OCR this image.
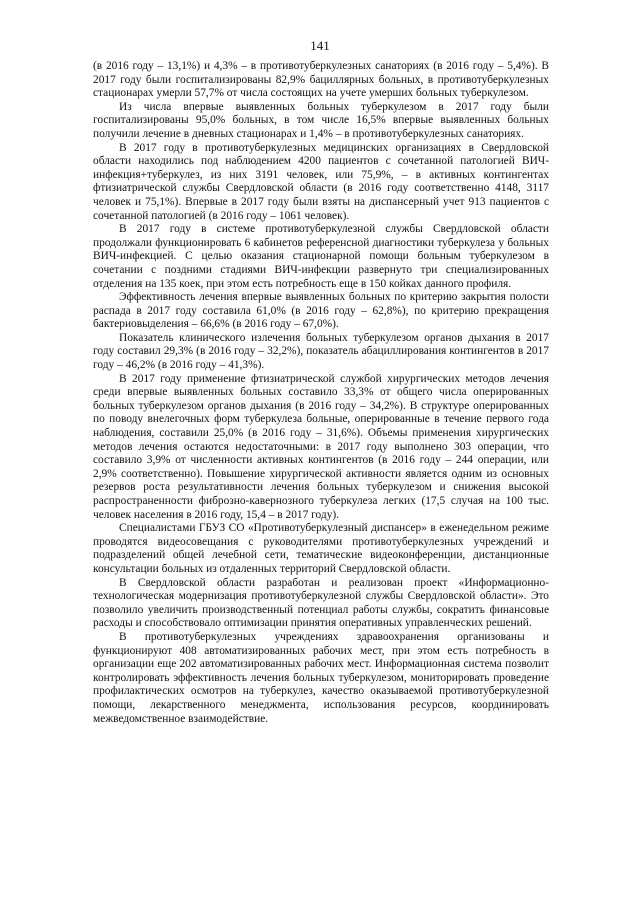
141

(в 2016 году – 13,1%) и 4,3% – в противотуберкулезных санаториях (в 2016 году – 5,4%). В 2017 году были госпитализированы 82,9% бациллярных больных, в противотуберкулезных стационарах умерли 57,7% от числа состоящих на учете умерших больных туберкулезом.

Из числа впервые выявленных больных туберкулезом в 2017 году были госпитализированы 95,0% больных, в том числе 16,5% впервые выявленных больных получили лечение в дневных стационарах и 1,4% – в противотуберкулезных санаториях.

В 2017 году в противотуберкулезных медицинских организациях в Свердловской области находились под наблюдением 4200 пациентов с сочетанной патологией ВИЧ-инфекция+туберкулез, из них 3191 человек, или 75,9%, – в активных контингентах фтизиатрической службы Свердловской области (в 2016 году соответственно 4148, 3117 человек и 75,1%). Впервые в 2017 году были взяты на диспансерный учет 913 пациентов с сочетанной патологией (в 2016 году – 1061 человек).

В 2017 году в системе противотуберкулезной службы Свердловской области продолжали функционировать 6 кабинетов референсной диагностики туберкулеза у больных ВИЧ-инфекцией. С целью оказания стационарной помощи больным туберкулезом в сочетании с поздними стадиями ВИЧ-инфекции развернуто три специализированных отделения на 135 коек, при этом есть потребность еще в 150 койках данного профиля.

Эффективность лечения впервые выявленных больных по критерию закрытия полости распада в 2017 году составила 61,0% (в 2016 году – 62,8%), по критерию прекращения бактериовыделения – 66,6% (в 2016 году – 67,0%).

Показатель клинического излечения больных туберкулезом органов дыхания в 2017 году составил 29,3% (в 2016 году – 32,2%), показатель абациллирования контингентов в 2017 году – 46,2% (в 2016 году – 41,3%).

В 2017 году применение фтизиатрической службой хирургических методов лечения среди впервые выявленных больных составило 33,3% от общего числа оперированных больных туберкулезом органов дыхания (в 2016 году – 34,2%). В структуре оперированных по поводу внелегочных форм туберкулеза больные, оперированные в течение первого года наблюдения, составили 25,0% (в 2016 году – 31,6%). Объемы применения хирургических методов лечения остаются недостаточными: в 2017 году выполнено 303 операции, что составило 3,9% от численности активных контингентов (в 2016 году – 244 операции, или 2,9% соответственно). Повышение хирургической активности является одним из основных резервов роста результативности лечения больных туберкулезом и снижения высокой распространенности фиброзно-кавернозного туберкулеза легких (17,5 случая на 100 тыс. человек населения в 2016 году, 15,4 – в 2017 году).

Специалистами ГБУЗ СО «Противотуберкулезный диспансер» в еженедельном режиме проводятся видеосовещания с руководителями противотуберкулезных учреждений и подразделений общей лечебной сети, тематические видеоконференции, дистанционные консультации больных из отдаленных территорий Свердловской области.

В Свердловской области разработан и реализован проект «Информационно-технологическая модернизация противотуберкулезной службы Свердловской области». Это позволило увеличить производственный потенциал работы службы, сократить финансовые расходы и способствовало оптимизации принятия оперативных управленческих решений.

В противотуберкулезных учреждениях здравоохранения организованы и функционируют 408 автоматизированных рабочих мест, при этом есть потребность в организации еще 202 автоматизированных рабочих мест. Информационная система позволит контролировать эффективность лечения больных туберкулезом, мониторировать проведение профилактических осмотров на туберкулез, качество оказываемой противотуберкулезной помощи, лекарственного менеджмента, использования ресурсов, координировать межведомственное взаимодействие.
